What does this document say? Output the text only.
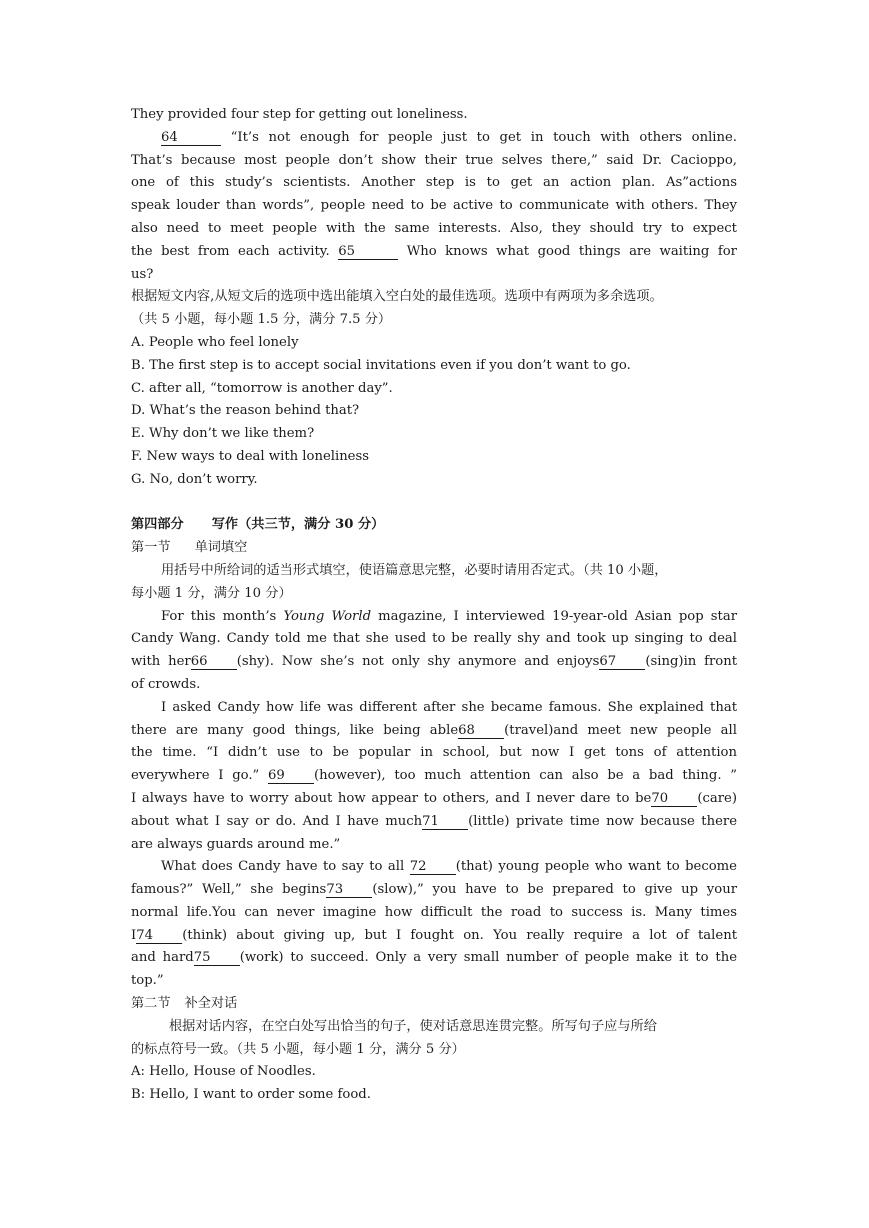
They provided four step for getting out loneliness.
64	“It’s not enough for people just to get in touch with others online.
That’s because most people don’t show their true selves there,” said Dr. Cacioppo,
one of this study’s scientists. Another step is to get an action plan. As”actions
speak louder than words”, people need to be active to communicate with others. They
also need to meet people with the same interests. Also, they should try to expect
the best from each activity. 65	Who knows what good things are waiting for
us?
根据短文内容,从短文后的选项中选出能填入空白处的最佳选项。选项中有两项为多余选项。
（共 5 小题，每小题 1.5 分，满分 7.5 分）
A. People who feel lonely
B. The first step is to accept social invitations even if you don’t want to go.
C. after all, “tomorrow is another day”.
D. What’s the reason behind that?
E. Why don’t we like them?
F. New ways to deal with loneliness
G. No, don’t worry.
第四部分 写作（共三节，满分 30 分）
第一节 单词填空
用括号中所给词的适当形式填空，使语篇意思完整，必要时请用否定式。（共 10 小题，
每小题 1 分，满分 10 分）
For this month’s Young World magazine, I interviewed 19-year-old Asian pop star
Candy Wang. Candy told me that she used to be really shy and took up singing to deal
with her66 (shy). Now she’s not only shy anymore and enjoys67 (sing)in front
of crowds.
I asked Candy how life was different after she became famous. She explained that
there are many good things, like being able68 (travel)and meet new people all
the time. “I didn’t use to be popular in school, but now I get tons of attention
everywhere I go.” 69 (however), too much attention can also be a bad thing. ”
I always have to worry about how appear to others, and I never dare to be70 (care)
about what I say or do. And I have much71 (little) private time now because there
are always guards around me.”
What does Candy have to say to all 72 (that) young people who want to become
famous?” Well,” she begins73 (slow),” you have to be prepared to give up your
normal life.You can never imagine how difficult the road to success is. Many times
I74 (think) about giving up, but I fought on. You really require a lot of talent
and hard75 (work) to succeed. Only a very small number of people make it to the
top.”
第二节 补全对话
根据对话内容，在空白处写出恰当的句子，使对话意思连贯完整。所写句子应与所给
的标点符号一致。（共 5 小题，每小题 1 分，满分 5 分）
A: Hello, House of Noodles.
B: Hello, I want to order some food.
